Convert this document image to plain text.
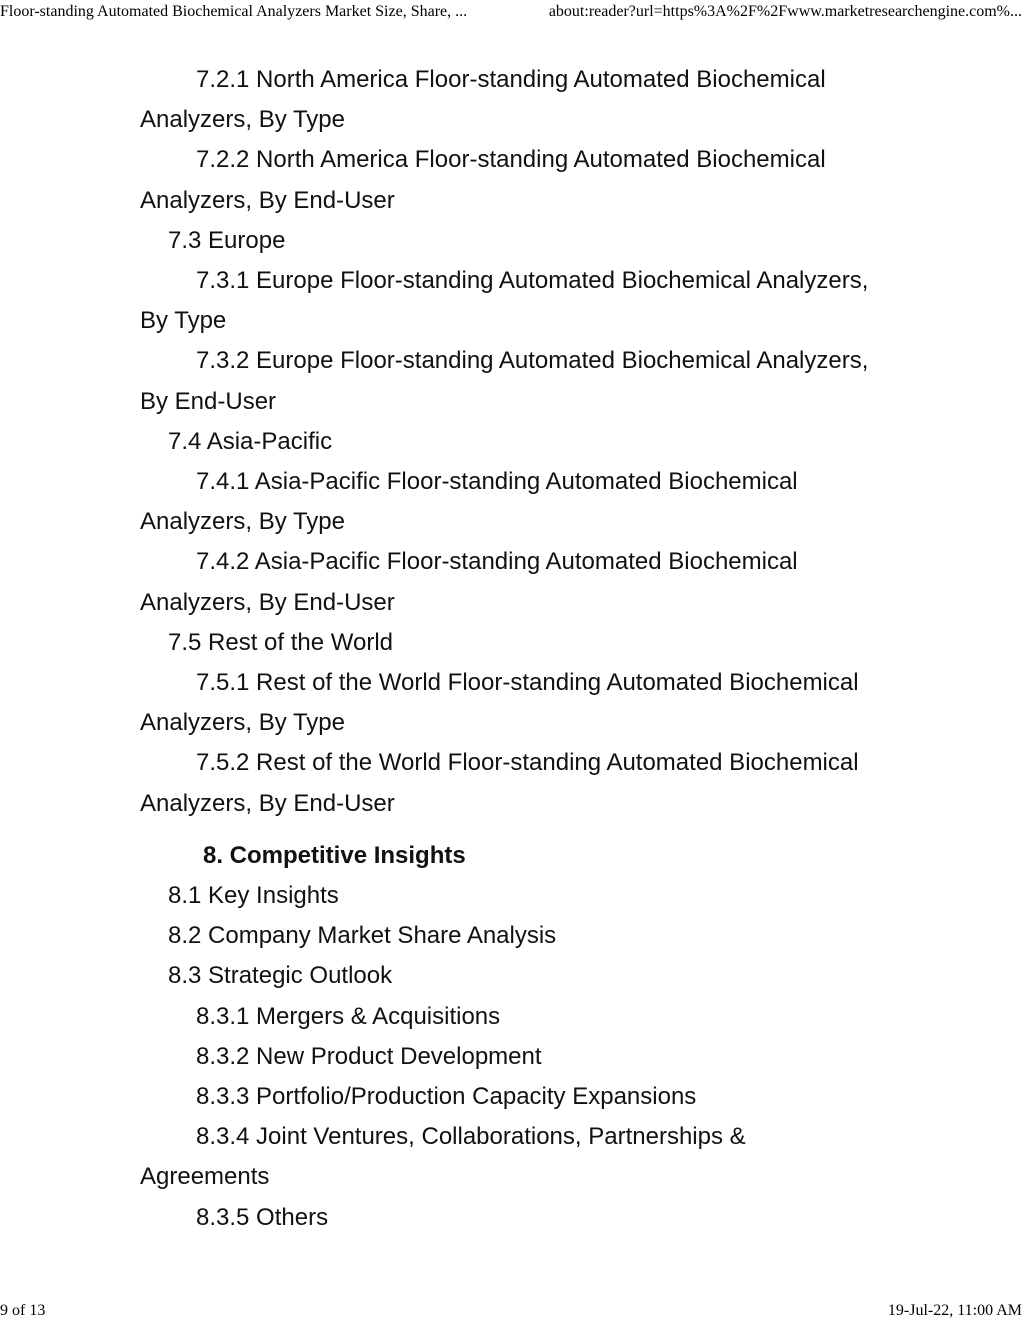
Floor-standing Automated Biochemical Analyzers Market Size, Share, ...	about:reader?url=https%3A%2F%2Fwww.marketresearchengine.com%...

7.2.1 North America Floor-standing Automated Biochemical Analyzers, By Type

7.2.2 North America Floor-standing Automated Biochemical Analyzers, By End-User

7.3 Europe

7.3.1 Europe Floor-standing Automated Biochemical Analyzers, By Type

7.3.2 Europe Floor-standing Automated Biochemical Analyzers, By End-User

7.4 Asia-Pacific

7.4.1 Asia-Pacific Floor-standing Automated Biochemical Analyzers, By Type

7.4.2 Asia-Pacific Floor-standing Automated Biochemical Analyzers, By End-User

7.5 Rest of the World

7.5.1 Rest of the World Floor-standing Automated Biochemical Analyzers, By Type

7.5.2 Rest of the World Floor-standing Automated Biochemical Analyzers, By End-User

8. Competitive Insights

8.1 Key Insights

8.2 Company Market Share Analysis

8.3 Strategic Outlook

8.3.1 Mergers & Acquisitions

8.3.2 New Product Development

8.3.3 Portfolio/Production Capacity Expansions

8.3.4 Joint Ventures, Collaborations, Partnerships & Agreements

8.3.5 Others

9 of 13	19-Jul-22, 11:00 AM
